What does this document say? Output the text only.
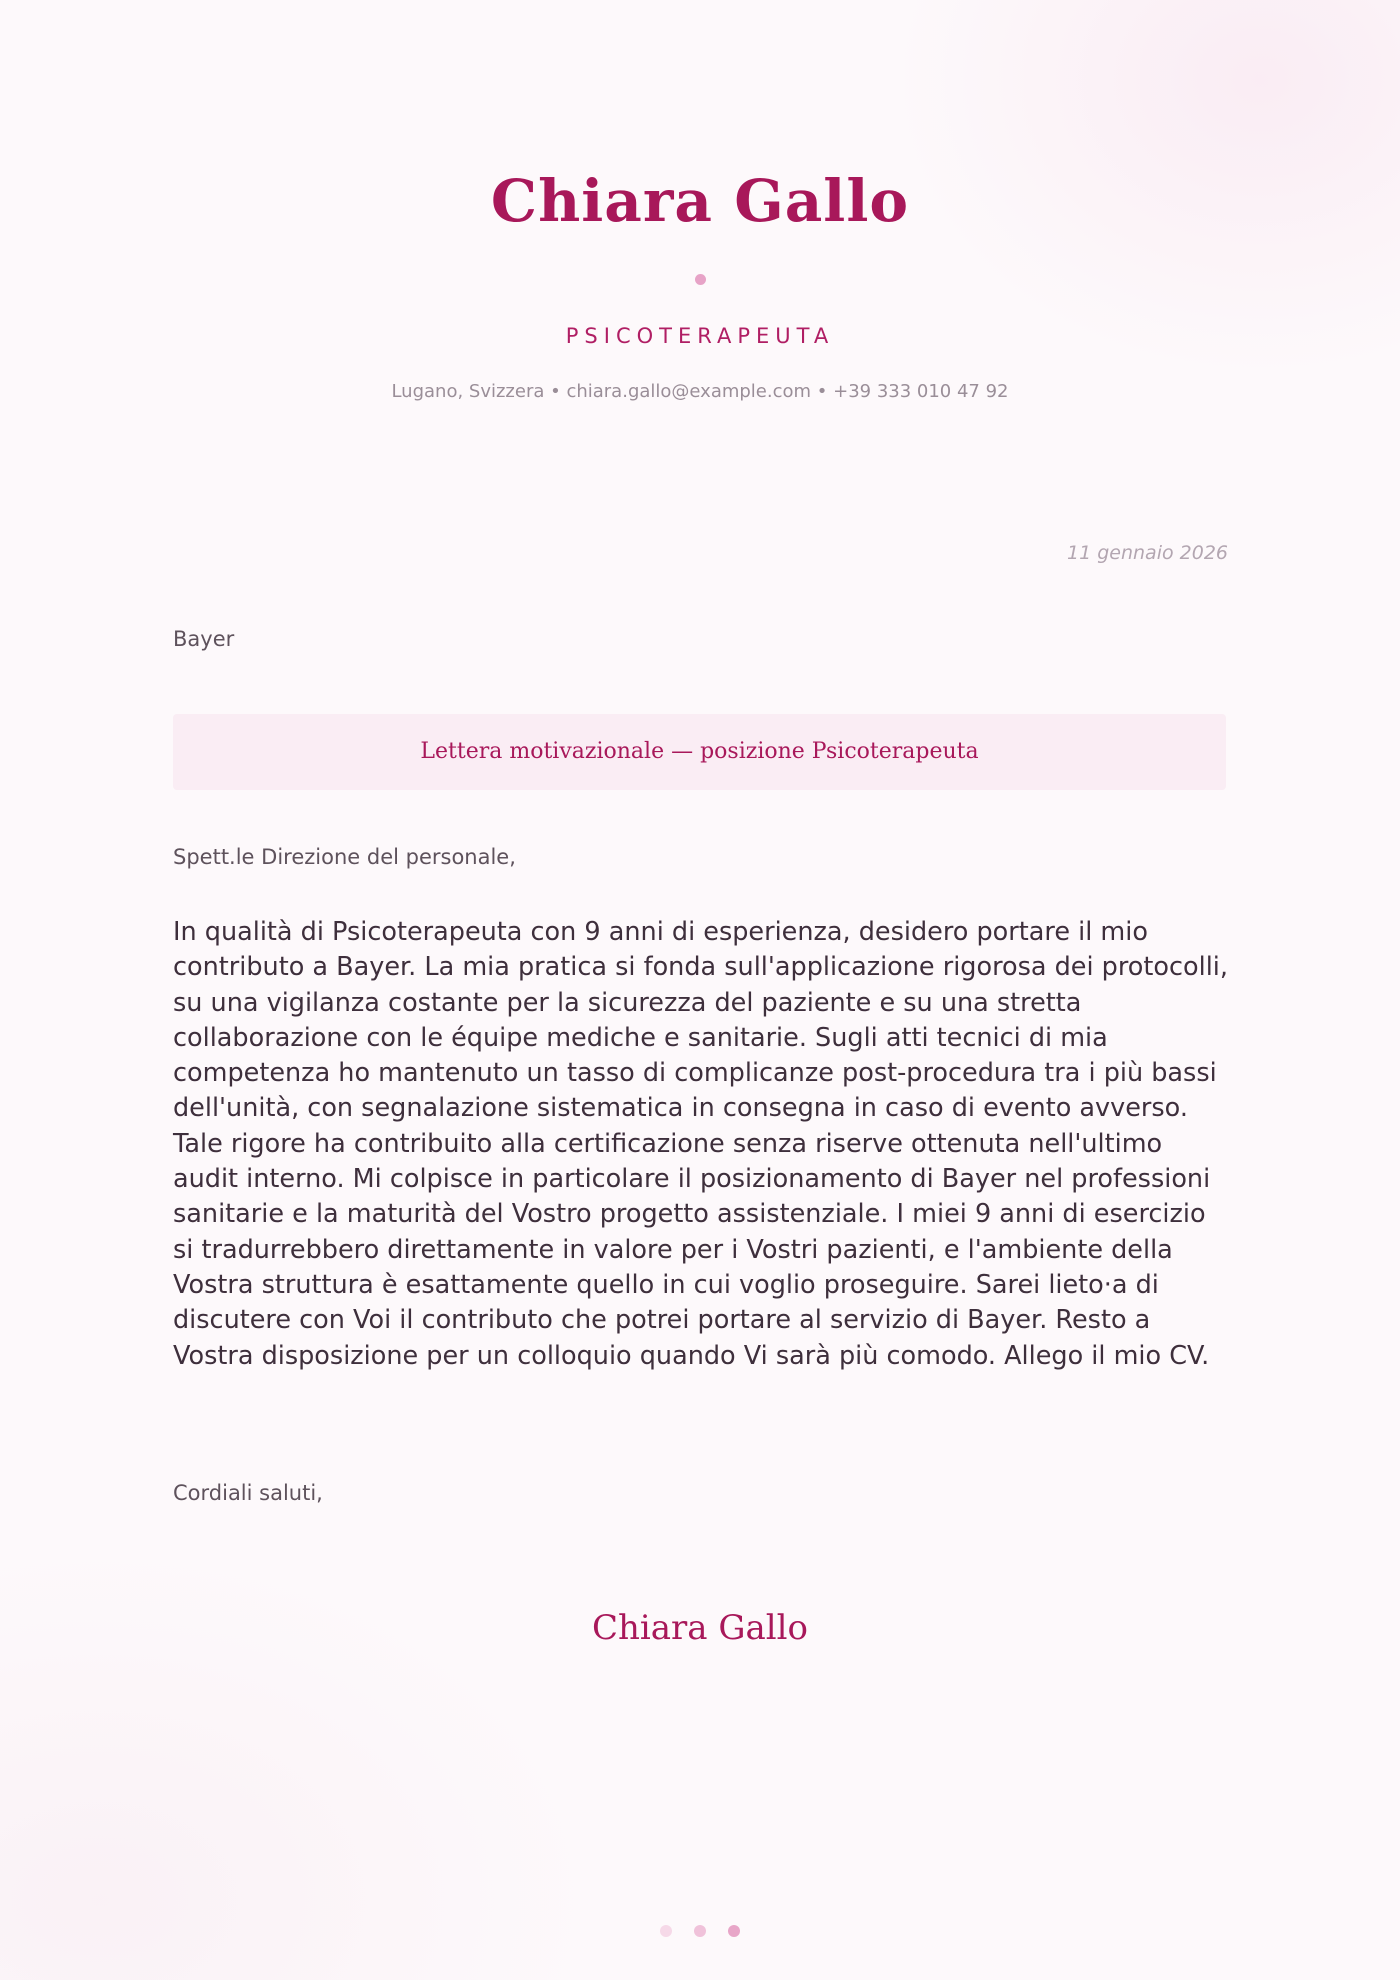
Chiara Gallo
PSICOTERAPEUTA
Lugano, Svizzera • chiara.gallo@example.com • +39 333 010 47 92
11 gennaio 2026
Bayer
Lettera motivazionale — posizione Psicoterapeuta
Spett.le Direzione del personale,

In qualità di Psicoterapeuta con 9 anni di esperienza, desidero portare il mio contributo a Bayer. La mia pratica si fonda sull'applicazione rigorosa dei protocolli, su una vigilanza costante per la sicurezza del paziente e su una stretta collaborazione con le équipe mediche e sanitarie. Sugli atti tecnici di mia competenza ho mantenuto un tasso di complicanze post-procedura tra i più bassi dell'unità, con segnalazione sistematica in consegna in caso di evento avverso. Tale rigore ha contribuito alla certificazione senza riserve ottenuta nell'ultimo audit interno. Mi colpisce in particolare il posizionamento di Bayer nel professioni sanitarie e la maturità del Vostro progetto assistenziale. I miei 9 anni di esercizio si tradurrebbero direttamente in valore per i Vostri pazienti, e l'ambiente della Vostra struttura è esattamente quello in cui voglio proseguire. Sarei lieto·a di discutere con Voi il contributo che potrei portare al servizio di Bayer. Resto a Vostra disposizione per un colloquio quando Vi sarà più comodo. Allego il mio CV.

Cordiali saluti,
Chiara Gallo
